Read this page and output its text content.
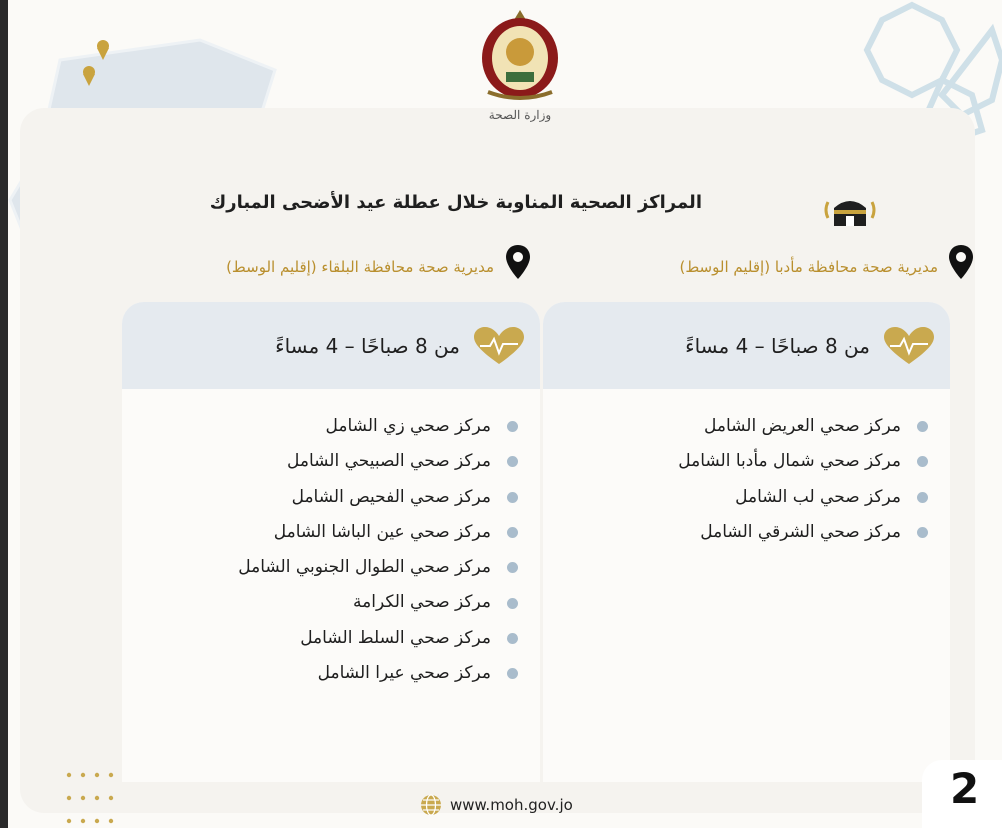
وزارة الصحة
المراكز الصحية المناوبة خلال عطلة عيد الأضحى المبارك
مديرية صحة محافظة مأدبا (إقليم الوسط)
مديرية صحة محافظة البلقاء (إقليم الوسط)
من 8 صباحًا – 4 مساءً
مركز صحي العريض الشامل
مركز صحي شمال مأدبا الشامل
مركز صحي لب الشامل
مركز صحي الشرقي الشامل
من 8 صباحًا – 4 مساءً
مركز صحي زي الشامل
مركز صحي الصبيحي الشامل
مركز صحي الفحيص الشامل
مركز صحي عين الباشا الشامل
مركز صحي الطوال الجنوبي الشامل
مركز صحي الكرامة
مركز صحي السلط الشامل
مركز صحي عيرا الشامل
www.moh.gov.jo	2
